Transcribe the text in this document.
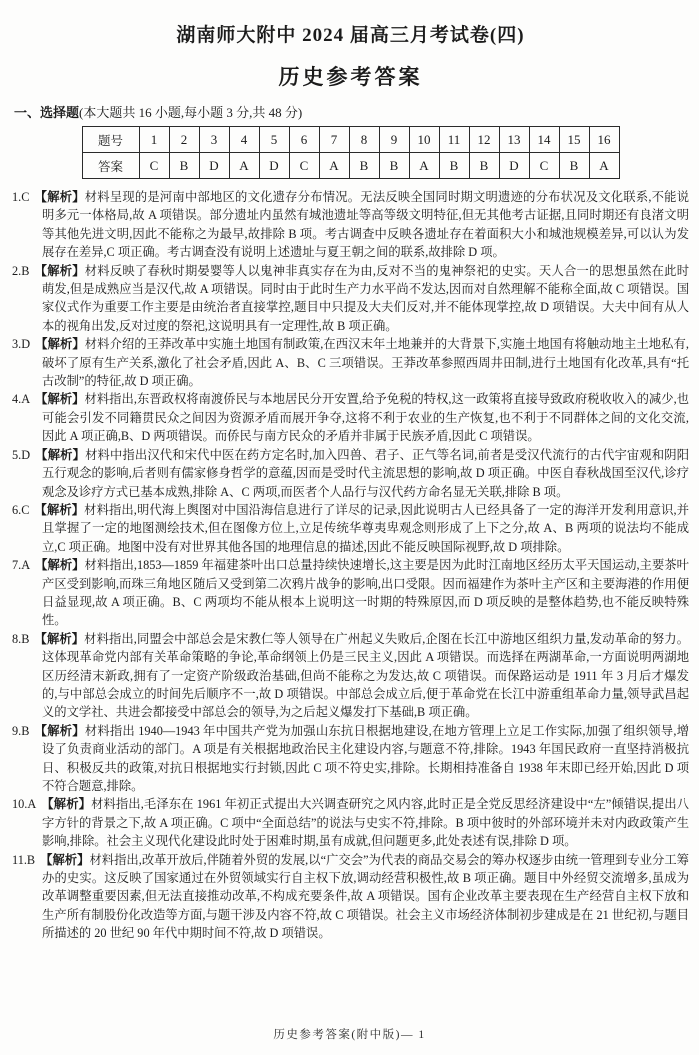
湖南师大附中 2024 届高三月考试卷(四)
历史参考答案
一、选择题(本大题共 16 小题,每小题 3 分,共 48 分)
题号	1	2	3	4	5	6	7	8	9	10	11	12	13	14	15	16
答案	C	B	D	A	D	C	A	B	B	A	B	B	D	C	B	A

1.C 【解析】材料呈现的是河南中部地区的文化遗存分布情况。无法反映全国同时期文明遗迹的分布状况及文化联系,不能说明多元一体格局,故 A 项错误。部分遗址内虽然有城池遗址等高等级文明特征,但无其他考古证据,且同时期还有良渚文明等其他先进文明,因此不能称之为最早,故排除 B 项。考古调查中反映各遗址存在着面积大小和城池规模差异,可以认为发展存在差异,C 项正确。考古调查没有说明上述遗址与夏王朝之间的联系,故排除 D 项。

2.B 【解析】材料反映了春秋时期晏婴等人以鬼神非真实存在为由,反对不当的鬼神祭祀的史实。天人合一的思想虽然在此时萌发,但是成熟应当是汉代,故 A 项错误。同时由于此时生产力水平尚不发达,因而对自然理解不能称全面,故 C 项错误。国家仪式作为重要工作主要是由统治者直接掌控,题目中只提及大夫们反对,并不能体现掌控,故 D 项错误。大夫中间有从人本的视角出发,反对过度的祭祀,这说明具有一定理性,故 B 项正确。

3.D 【解析】材料介绍的王莽改革中实施土地国有制政策,在西汉末年土地兼并的大背景下,实施土地国有将触动地主土地私有,破坏了原有生产关系,激化了社会矛盾,因此 A、B、C 三项错误。王莽改革参照西周井田制,进行土地国有化改革,具有“托古改制”的特征,故 D 项正确。

4.A 【解析】材料指出,东晋政权将南渡侨民与本地居民分开安置,给予免税的特权,这一政策将直接导致政府税收收入的减少,也可能会引发不同籍贯民众之间因为资源矛盾而展开争夺,这将不利于农业的生产恢复,也不利于不同群体之间的文化交流,因此 A 项正确,B、D 两项错误。而侨民与南方民众的矛盾并非属于民族矛盾,因此 C 项错误。

5.D 【解析】材料中指出汉代和宋代中医在药方定名时,加入四兽、君子、正气等名词,前者是受汉代流行的古代宇宙观和阴阳五行观念的影响,后者则有儒家修身哲学的意蕴,因而是受时代主流思想的影响,故 D 项正确。中医自春秋战国至汉代,诊疗观念及诊疗方式已基本成熟,排除 A、C 两项,而医者个人品行与汉代药方命名显无关联,排除 B 项。

6.C 【解析】材料指出,明代海上舆图对中国沿海信息进行了详尽的记录,因此说明古人已经具备了一定的海洋开发利用意识,并且掌握了一定的地图测绘技术,但在图像方位上,立足传统华尊夷卑观念则形成了上下之分,故 A、B 两项的说法均不能成立,C 项正确。地图中没有对世界其他各国的地理信息的描述,因此不能反映国际视野,故 D 项排除。

7.A 【解析】材料指出,1853—1859 年福建茶叶出口总量持续快速增长,这主要是因为此时江南地区经历太平天国运动,主要茶叶产区受到影响,而珠三角地区随后又受到第二次鸦片战争的影响,出口受限。因而福建作为茶叶主产区和主要海港的作用便日益显现,故 A 项正确。B、C 两项均不能从根本上说明这一时期的特殊原因,而 D 项反映的是整体趋势,也不能反映特殊性。

8.B 【解析】材料指出,同盟会中部总会是宋教仁等人领导在广州起义失败后,企图在长江中游地区组织力量,发动革命的努力。这体现革命党内部有关革命策略的争论,革命纲领上仍是三民主义,因此 A 项错误。而选择在两湖革命,一方面说明两湖地区历经清末新政,拥有了一定资产阶级政治基础,但尚不能称之为发达,故 C 项错误。而保路运动是 1911 年 3 月后才爆发的,与中部总会成立的时间先后顺序不一,故 D 项错误。中部总会成立后,便于革命党在长江中游重组革命力量,领导武昌起义的文学社、共进会都接受中部总会的领导,为之后起义爆发打下基础,B 项正确。

9.B 【解析】材料指出 1940—1943 年中国共产党为加强山东抗日根据地建设,在地方管理上立足工作实际,加强了组织领导,增设了负责商业活动的部门。A 项是有关根据地政治民主化建设内容,与题意不符,排除。1943 年国民政府一直坚持消极抗日、积极反共的政策,对抗日根据地实行封锁,因此 C 项不符史实,排除。长期相持准备自 1938 年末即已经开始,因此 D 项不符合题意,排除。

10.A 【解析】材料指出,毛泽东在 1961 年初正式提出大兴调查研究之风内容,此时正是全党反思经济建设中“左”倾错误,提出八字方针的背景之下,故 A 项正确。C 项中“全面总结”的说法与史实不符,排除。B 项中彼时的外部环境并未对内政政策产生影响,排除。社会主义现代化建设此时处于困难时期,虽有成就,但问题更多,此处表述有误,排除 D 项。

11.B 【解析】材料指出,改革开放后,伴随着外贸的发展,以“广交会”为代表的商品交易会的筹办权逐步由统一管理到专业分工筹办的史实。这反映了国家通过在外贸领域实行自主权下放,调动经营积极性,故 B 项正确。题目中外经贸交流增多,虽成为改革调整重要因素,但无法直接推动改革,不构成充要条件,故 A 项错误。国有企业改革主要表现在生产经营自主权下放和生产所有制股份化改造等方面,与题干涉及内容不符,故 C 项错误。社会主义市场经济体制初步建成是在 21 世纪初,与题目所描述的 20 世纪 90 年代中期时间不符,故 D 项错误。

历史参考答案(附中版)— 1
